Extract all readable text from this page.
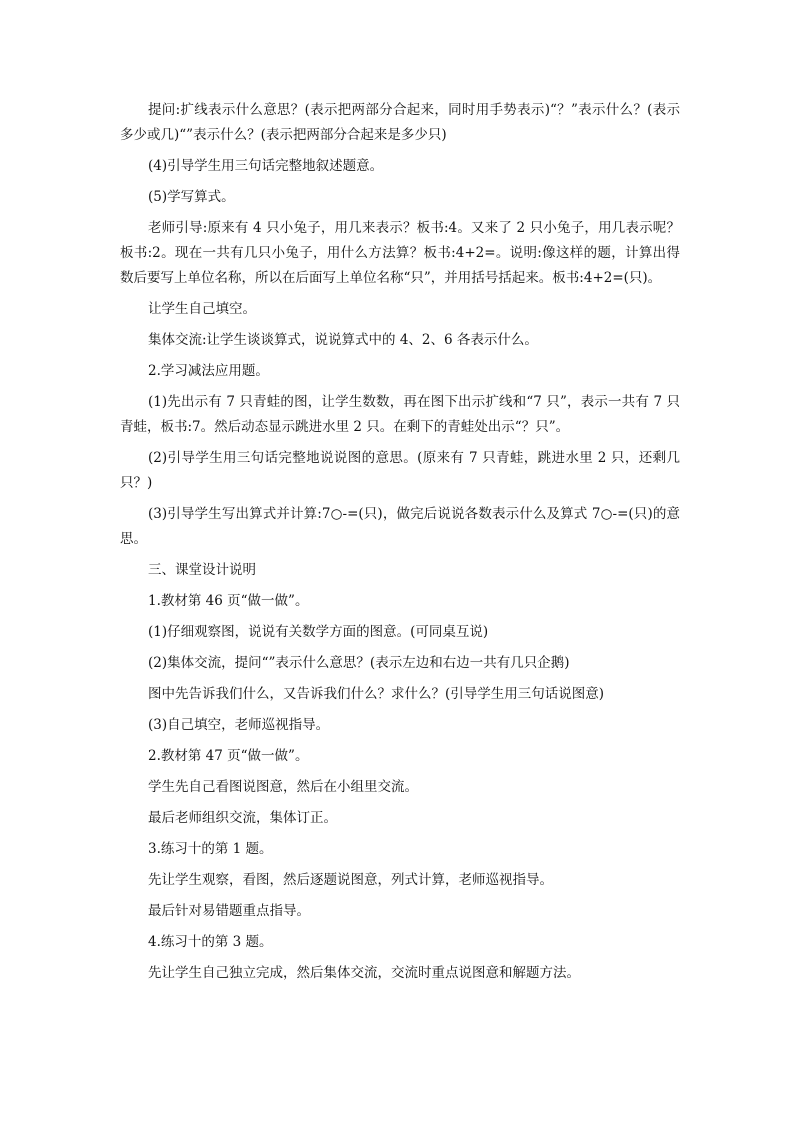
提问:扩线表示什么意思？(表示把两部分合起来，同时用手势表示)“？”表示什么？(表示多少或几)“”表示什么？(表示把两部分合起来是多少只)

(4)引导学生用三句话完整地叙述题意。

(5)学写算式。

老师引导:原来有 4 只小兔子，用几来表示？板书:4。又来了 2 只小兔子，用几表示呢？板书:2。现在一共有几只小兔子，用什么方法算？板书:4+2=。说明:像这样的题，计算出得数后要写上单位名称，所以在后面写上单位名称“只”，并用括号括起来。板书:4+2=(只)。

让学生自己填空。

集体交流:让学生谈谈算式，说说算式中的 4、2、6 各表示什么。

2.学习减法应用题。

(1)先出示有 7 只青蛙的图，让学生数数，再在图下出示扩线和“7 只”，表示一共有 7 只青蛙，板书:7。然后动态显示跳进水里 2 只。在剩下的青蛙处出示“？只”。

(2)引导学生用三句话完整地说说图的意思。(原来有 7 只青蛙，跳进水里 2 只，还剩几只？)

(3)引导学生写出算式并计算:7○-=(只)，做完后说说各数表示什么及算式 7○-=(只)的意思。

三、课堂设计说明

1.教材第 46 页“做一做”。

(1)仔细观察图，说说有关数学方面的图意。(可同桌互说)

(2)集体交流，提问“”表示什么意思？(表示左边和右边一共有几只企鹅)

图中先告诉我们什么，又告诉我们什么？求什么？(引导学生用三句话说图意)

(3)自己填空，老师巡视指导。

2.教材第 47 页“做一做”。

学生先自己看图说图意，然后在小组里交流。

最后老师组织交流，集体订正。

3.练习十的第 1 题。

先让学生观察，看图，然后逐题说图意，列式计算，老师巡视指导。

最后针对易错题重点指导。

4.练习十的第 3 题。

先让学生自己独立完成，然后集体交流，交流时重点说图意和解题方法。
